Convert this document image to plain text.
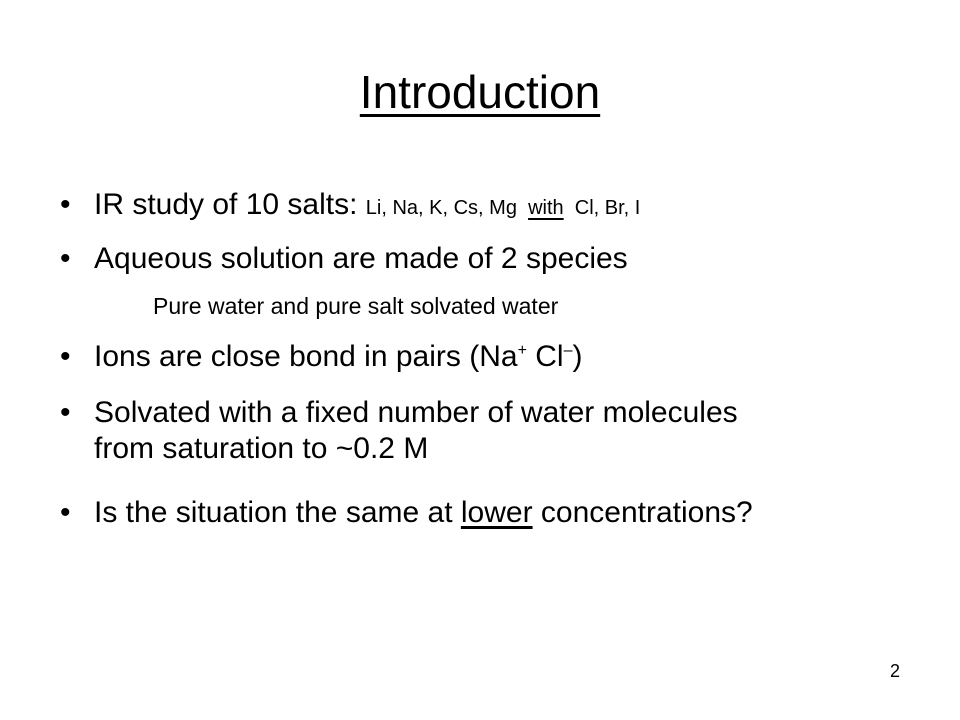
Introduction
• IR study of 10 salts: Li, Na, K, Cs, Mg  with  Cl, Br, I
• Aqueous solution are made of 2 species
Pure water and pure salt solvated water
• Ions are close bond in pairs (Na+ Cl–)
• Solvated with a fixed number of water molecules
from saturation to ~0.2 M
• Is the situation the same at lower concentrations?
2
